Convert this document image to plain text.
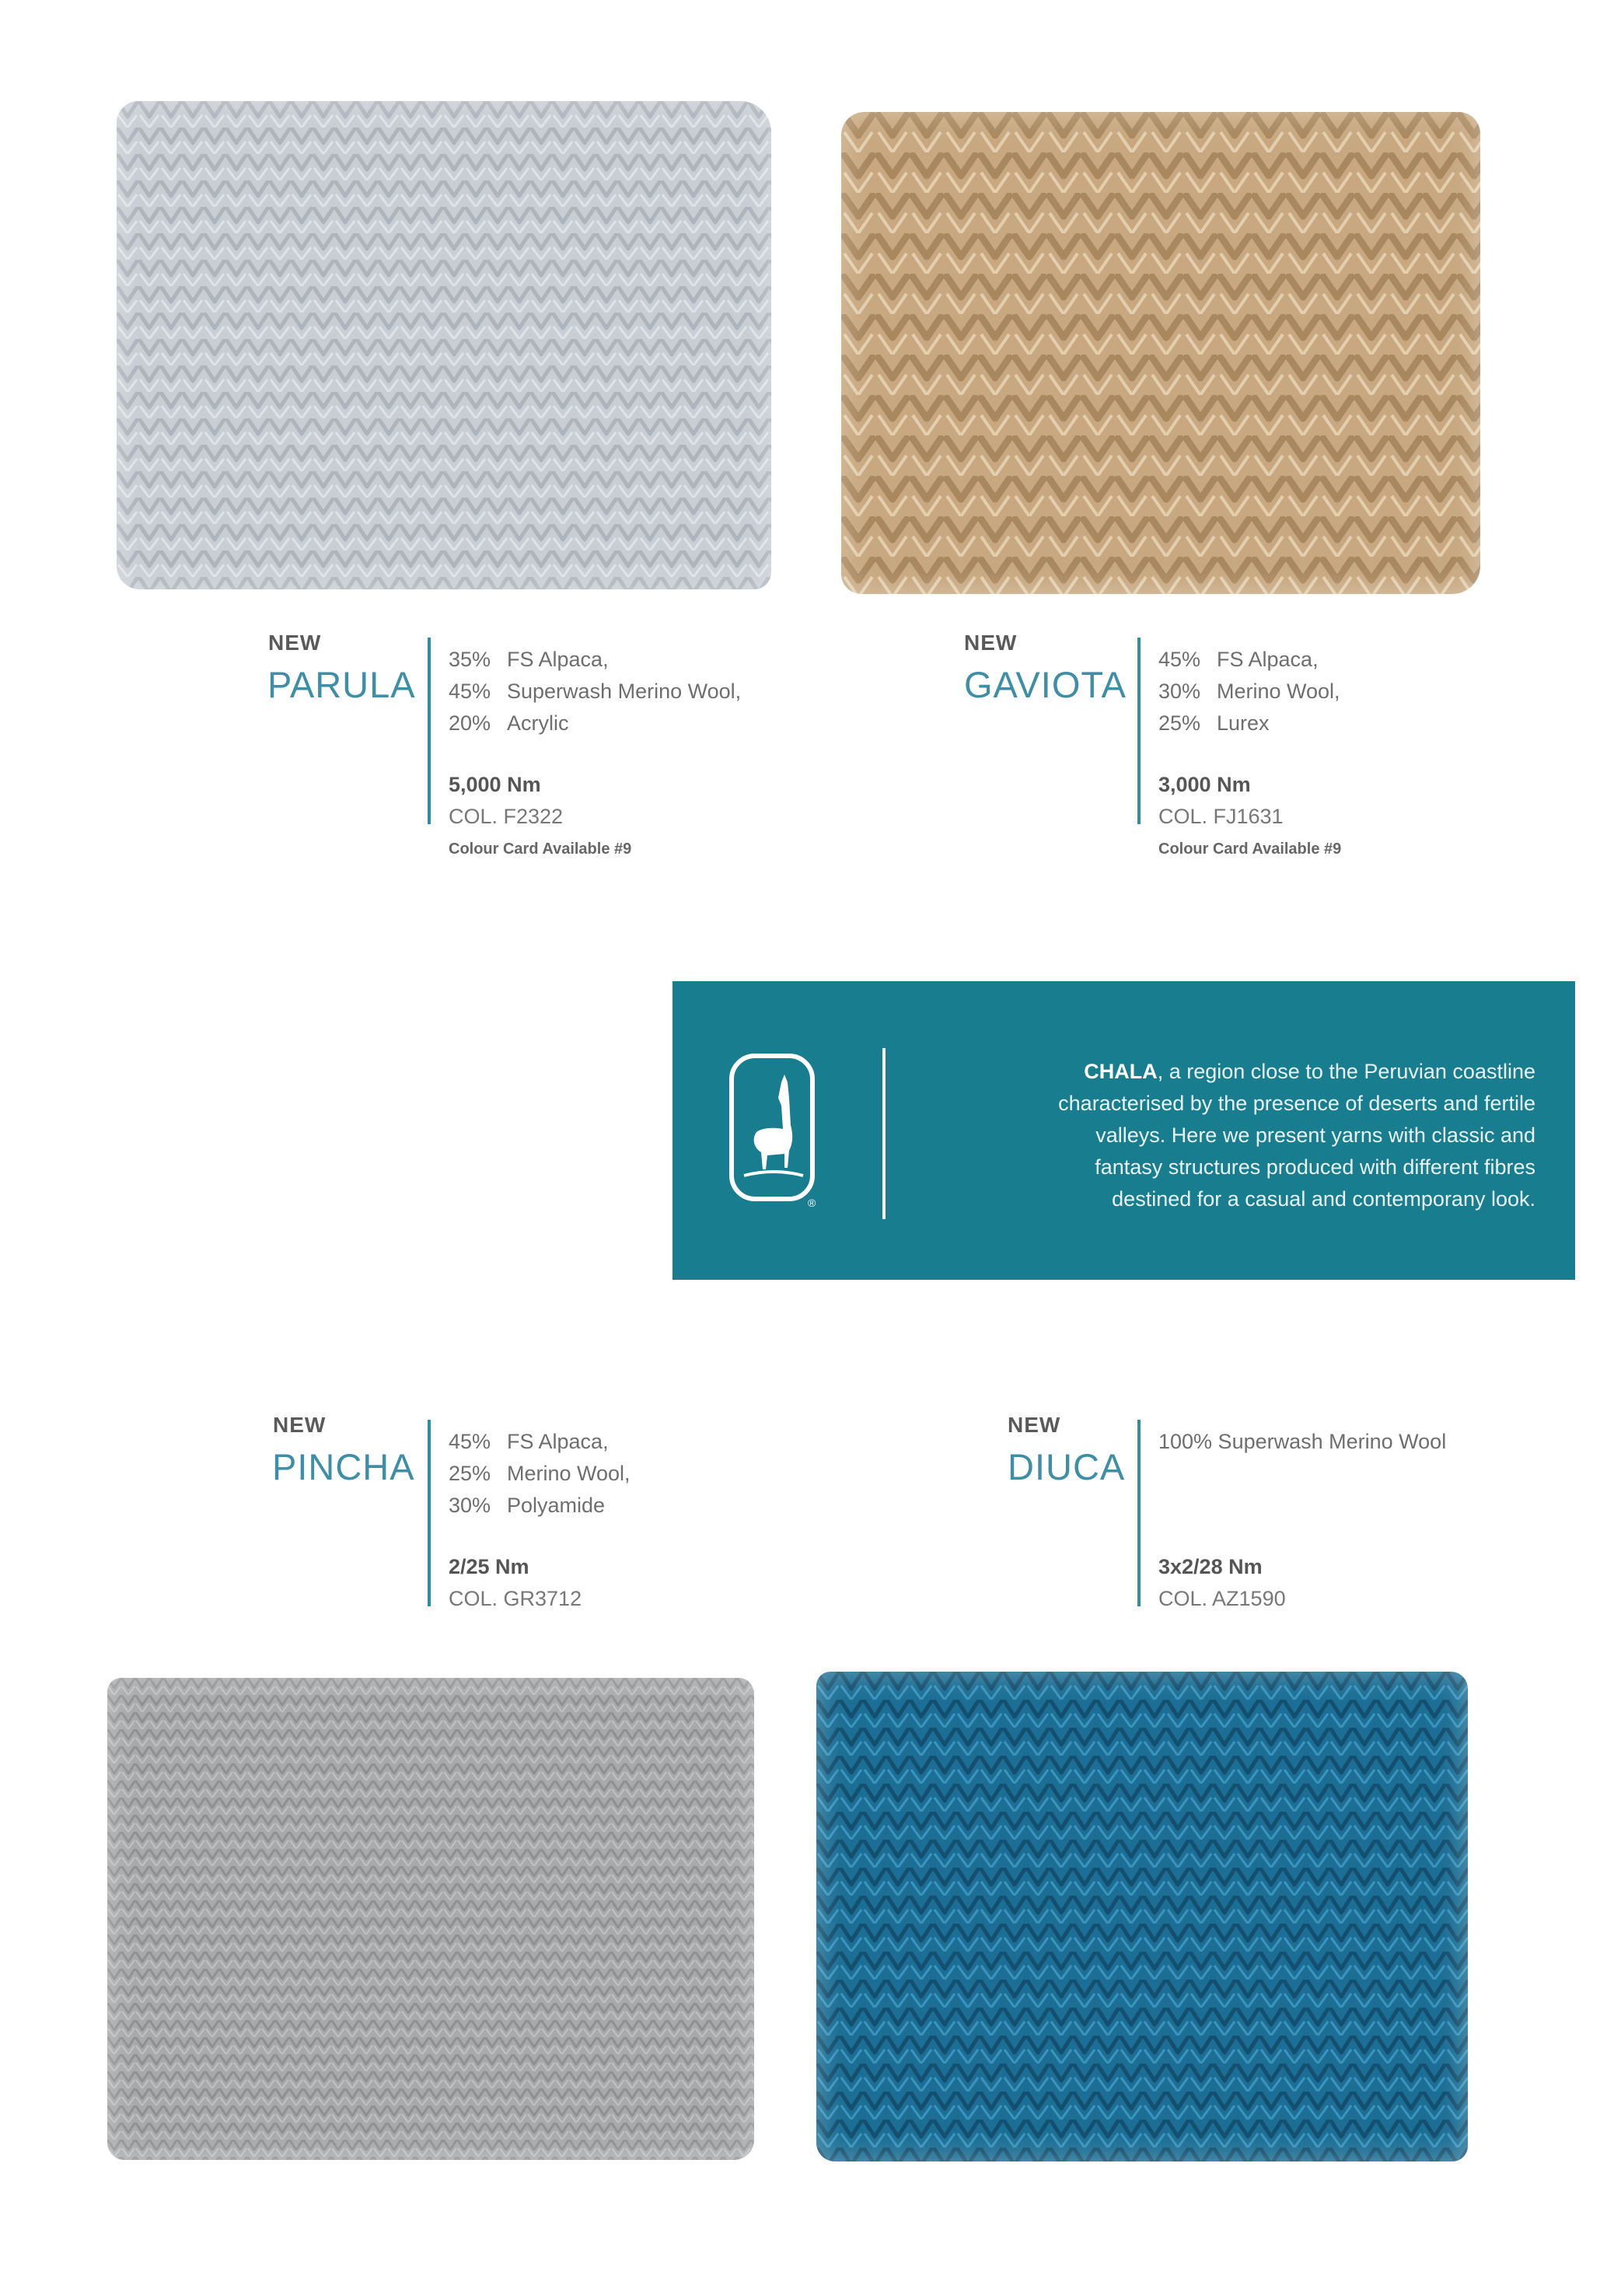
NEW
PARULA
35% FS Alpaca,
45% Superwash Merino Wool,
20% Acrylic
5,000 Nm
COL. F2322
Colour Card Available #9
NEW
GAVIOTA
45% FS Alpaca,
30% Merino Wool,
25% Lurex
3,000 Nm
COL. FJ1631
Colour Card Available #9
®
CHALA, a region close to the Peruvian coastline
characterised by the presence of deserts and fertile
valleys. Here we present yarns with classic and
fantasy structures produced with different fibres
destined for a casual and contemporany look.
NEW
PINCHA
45% FS Alpaca,
25% Merino Wool,
30% Polyamide
2/25 Nm
COL. GR3712
NEW
DIUCA
100% Superwash Merino Wool
3x2/28 Nm
COL. AZ1590
